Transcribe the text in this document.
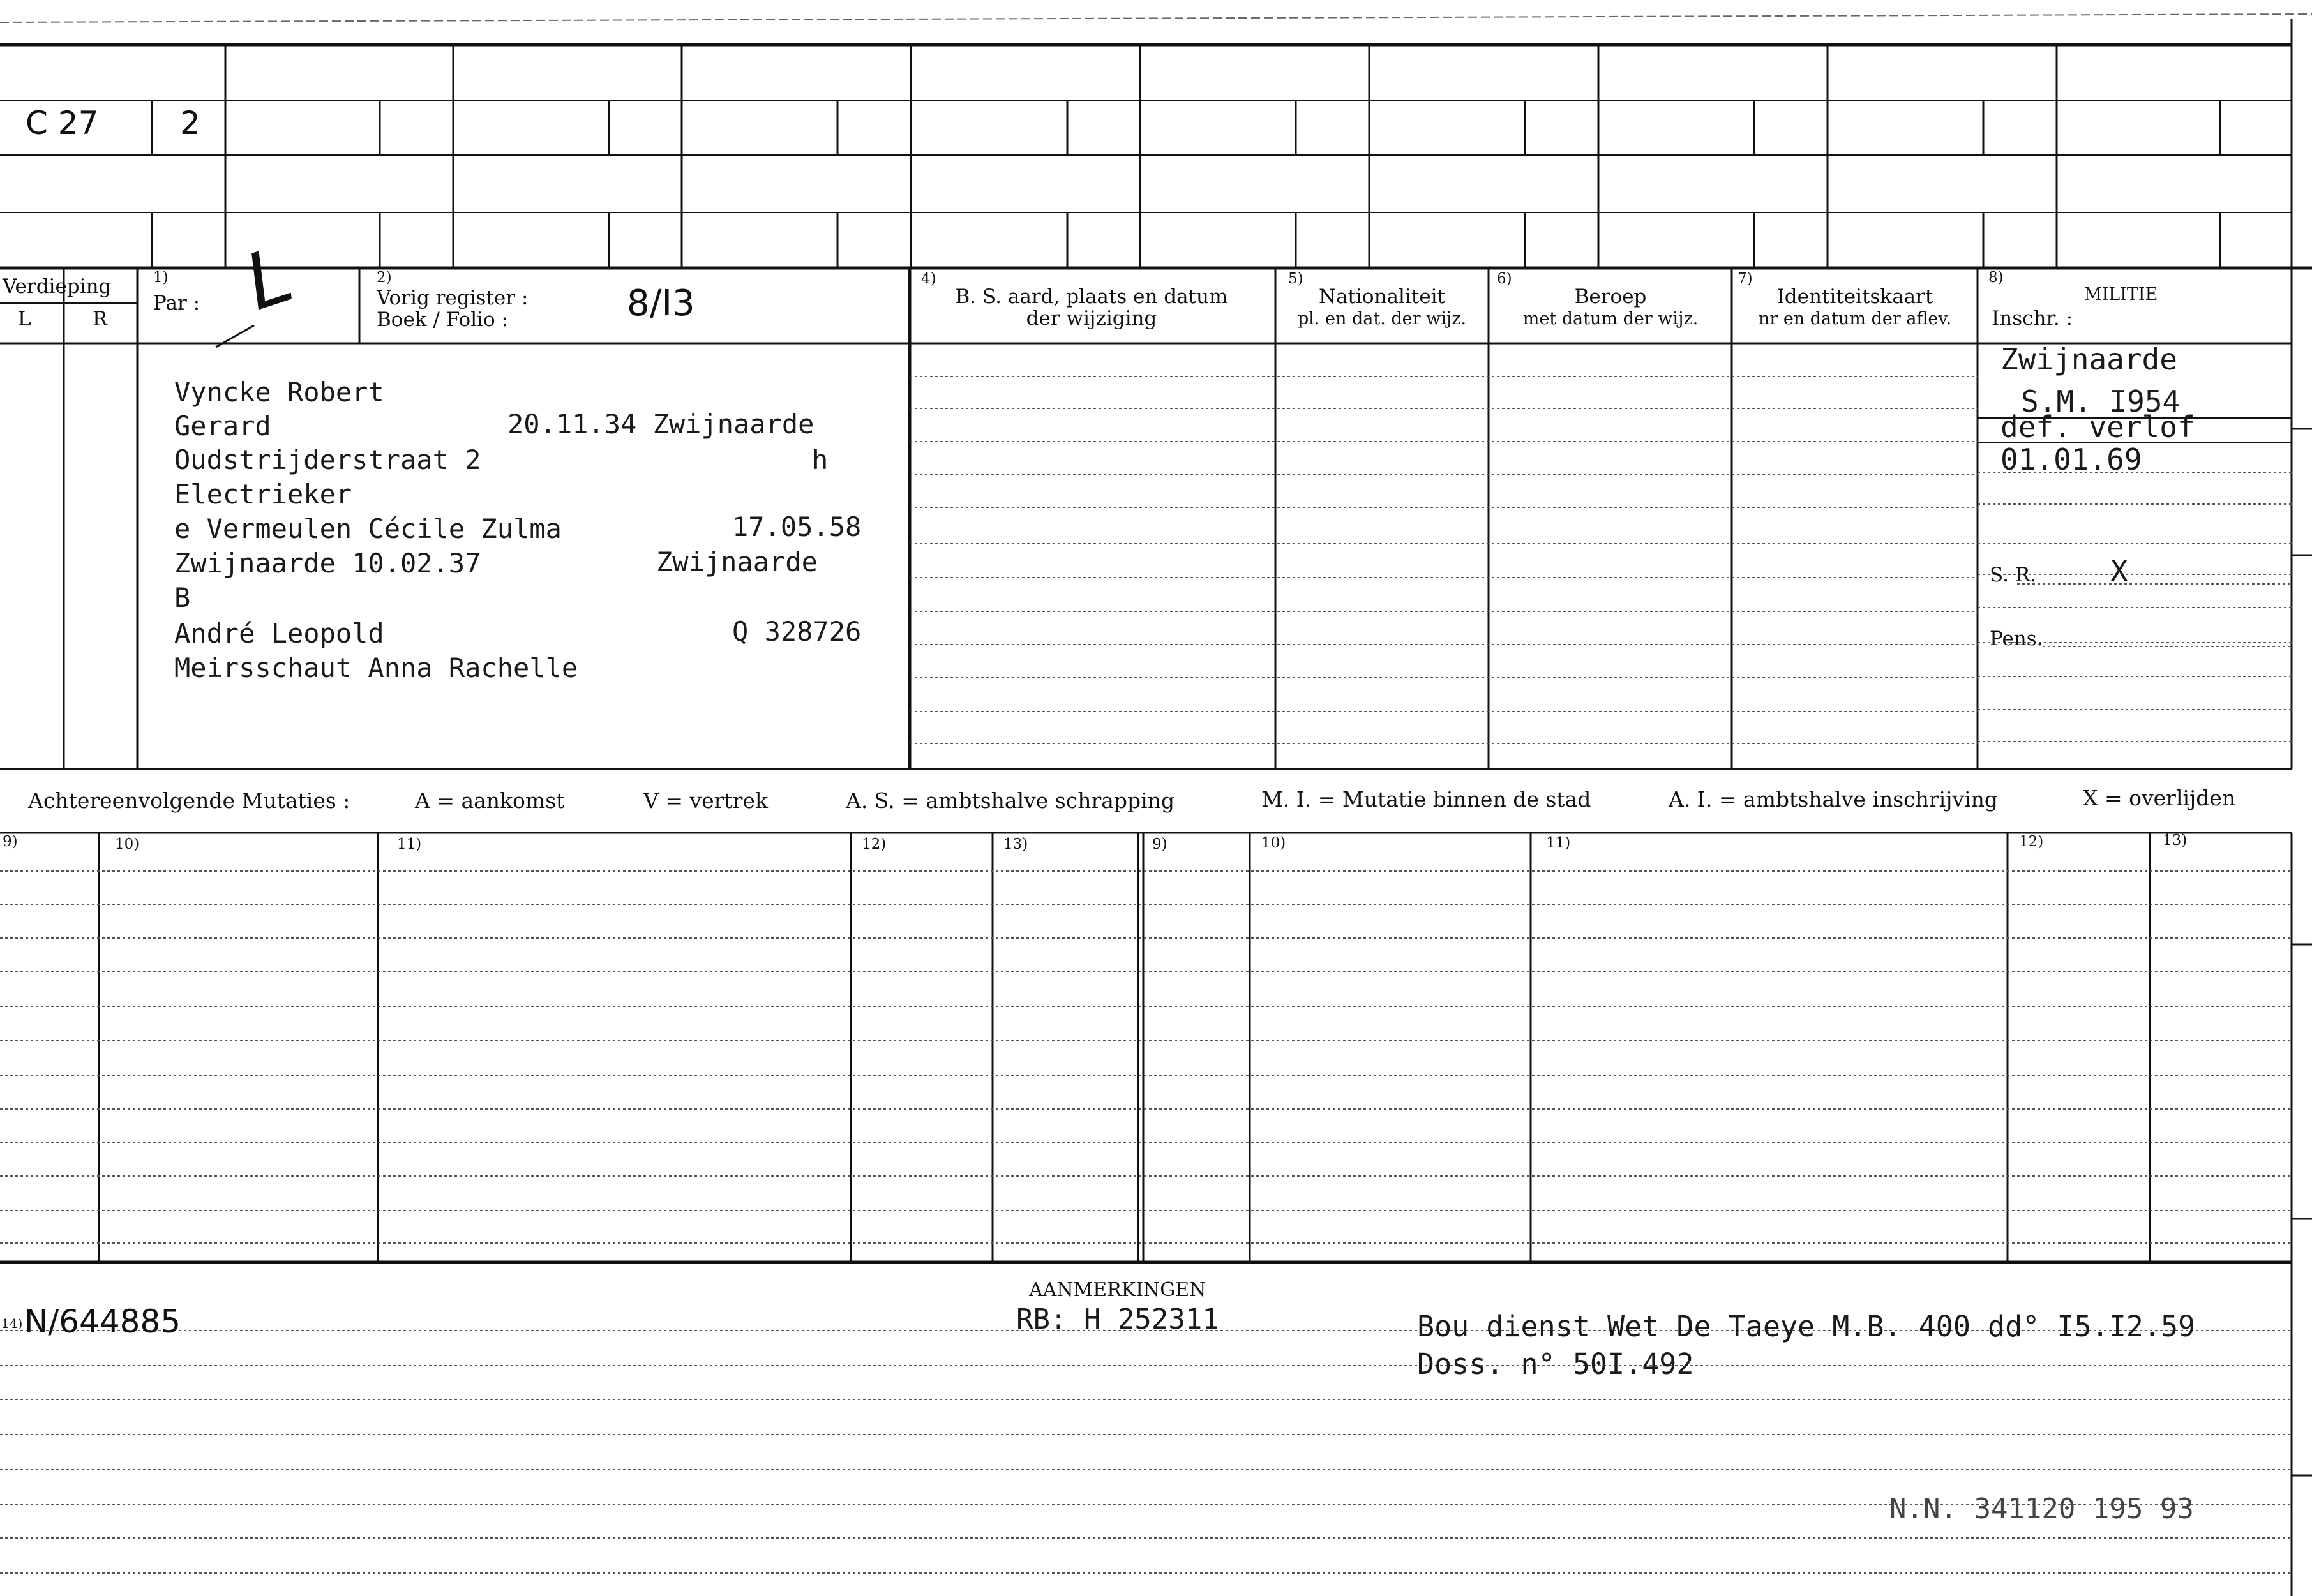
C 27	2
Verdieping
L	R
1)
Par : L	2)
Vorig register :
Boek / Folio :	8/I3
4)
B. S. aard, plaats en datum
der wijziging
5)
Nationaliteit
pl. en dat. der wijz.
6)
Beroep
met datum der wijz.
7)
Identiteitskaart
nr en datum der aflev.
8)
MILITIE
Inschr. :
Vyncke Robert
Gerard	20.11.34 Zwijnaarde
Oudstrijderstraat 2	h
Electrieker
e Vermeulen Cécile Zulma	17.05.58
Zwijnaarde 10.02.37	Zwijnaarde
B
André Leopold	Q 328726
Meirsschaut Anna Rachelle
Zwijnaarde
S.M. I954
def. verlof
01.01.69
S. R.	X
Pens.
Achtereenvolgende Mutaties :	A = aankomst	V = vertrek	A. S. = ambtshalve schrapping	M. I. = Mutatie binnen de stad	A. I. = ambtshalve inschrijving	X = overlijden
9)	10)	11)	12)	13)	9)	10)	11)	12)	13)
AANMERKINGEN
14) N/644885	RB: H 252311	Bou dienst Wet De Taeye M.B. 400 dd° I5.I2.59
Doss. n° 50I.492
N.N. 341120 195 93
